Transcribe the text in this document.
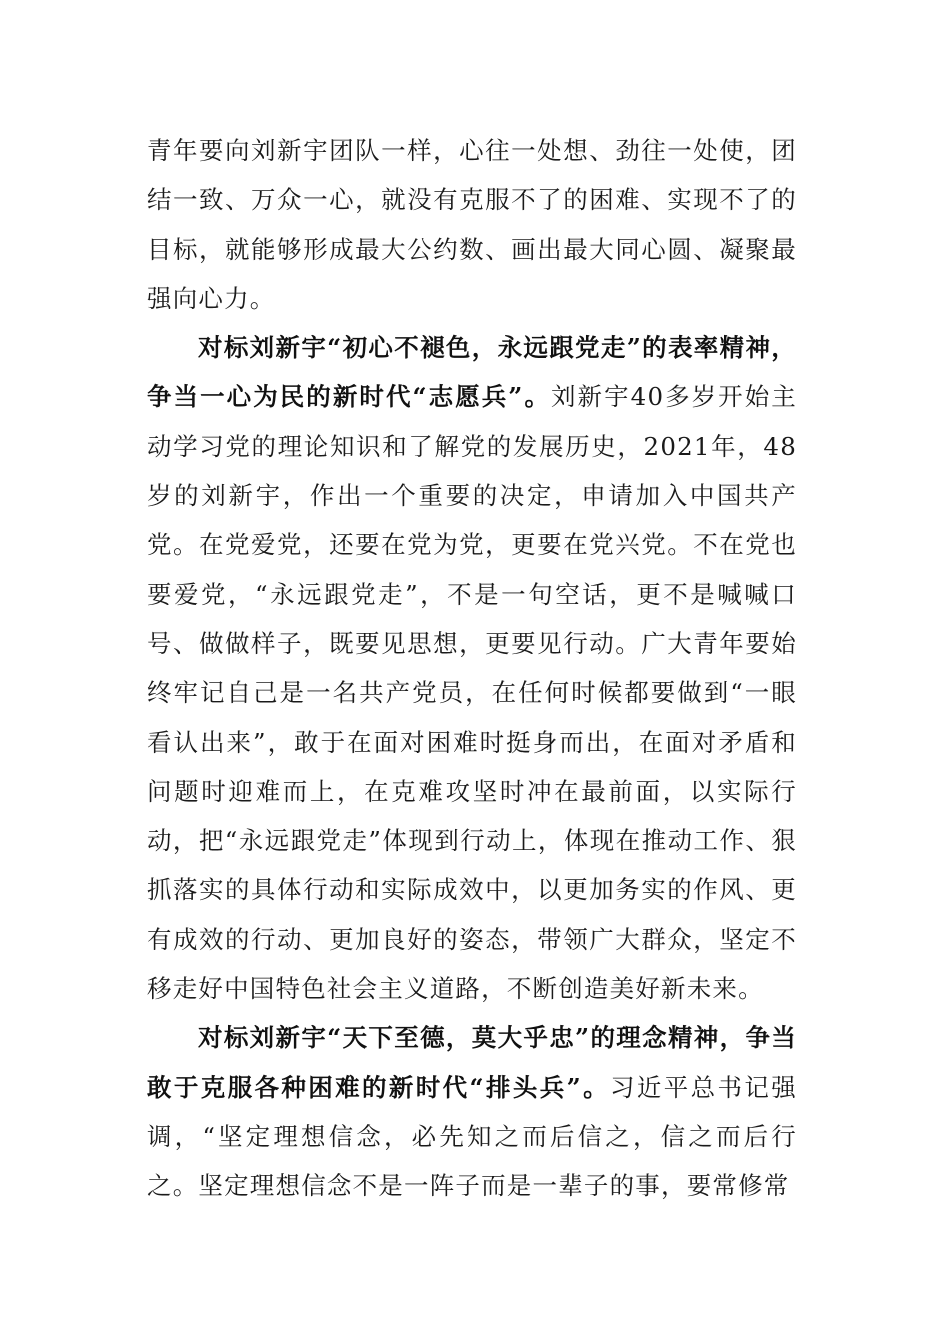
青年要向刘新宇团队一样，心往一处想、劲往一处使，团结一致、万众一心，就没有克服不了的困难、实现不了的目标，就能够形成最大公约数、画出最大同心圆、凝聚最强向心力。

对标刘新宇“初心不褪色，永远跟党走”的表率精神，争当一心为民的新时代“志愿兵”。刘新宇40多岁开始主动学习党的理论知识和了解党的发展历史，2021年，48岁的刘新宇，作出一个重要的决定，申请加入中国共产党。在党爱党，还要在党为党，更要在党兴党。不在党也要爱党，“永远跟党走”，不是一句空话，更不是喊喊口号、做做样子，既要见思想，更要见行动。广大青年要始终牢记自己是一名共产党员，在任何时候都要做到“一眼看认出来”，敢于在面对困难时挺身而出，在面对矛盾和问题时迎难而上，在克难攻坚时冲在最前面，以实际行动，把“永远跟党走”体现到行动上，体现在推动工作、狠抓落实的具体行动和实际成效中，以更加务实的作风、更有成效的行动、更加良好的姿态，带领广大群众，坚定不移走好中国特色社会主义道路，不断创造美好新未来。

对标刘新宇“天下至德，莫大乎忠”的理念精神，争当敢于克服各种困难的新时代“排头兵”。习近平总书记强调，“坚定理想信念，必先知之而后信之，信之而后行之。坚定理想信念不是一阵子而是一辈子的事，要常修常
